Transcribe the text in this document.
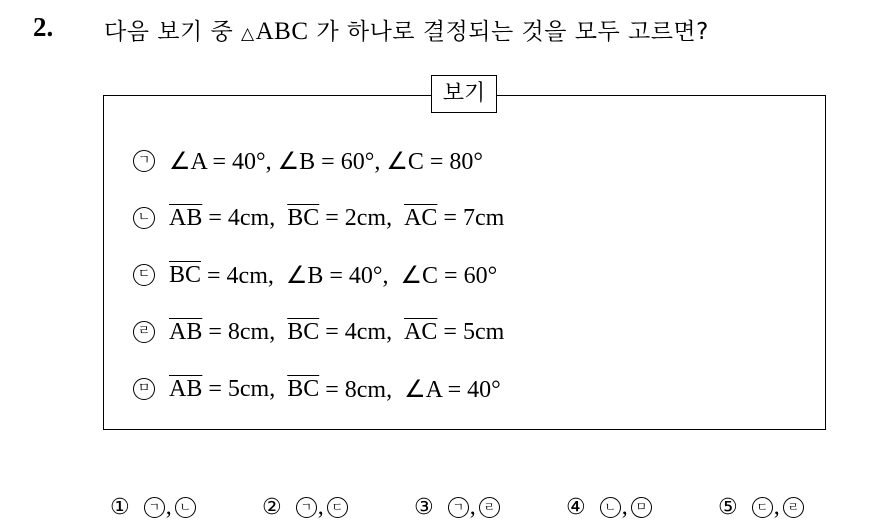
2. 다음 보기 중 △ABC 가 하나로 결정되는 것을 모두 고르면?
보기
ㄱ ∠A = 40°, ∠B = 60°, ∠C = 80°
ㄴ $\overline{AB} = 4cm$, $\overline{BC} = 2cm$, $\overline{AC} = 7cm$
ㄷ $\overline{BC} = 4cm$,  ∠B = 40°,  ∠C = 60°
ㄹ $\overline{AB} = 8cm$, $\overline{BC} = 4cm$, $\overline{AC} = 5cm$
ㅁ $\overline{AB} = 5cm$, $\overline{BC} = 8cm$,  ∠A = 40°
①	ㄱ , ㄴ	②	ㄱ , ㄷ	③	ㄱ , ㄹ	④	ㄴ , ㅁ	⑤	ㄷ , ㄹ
